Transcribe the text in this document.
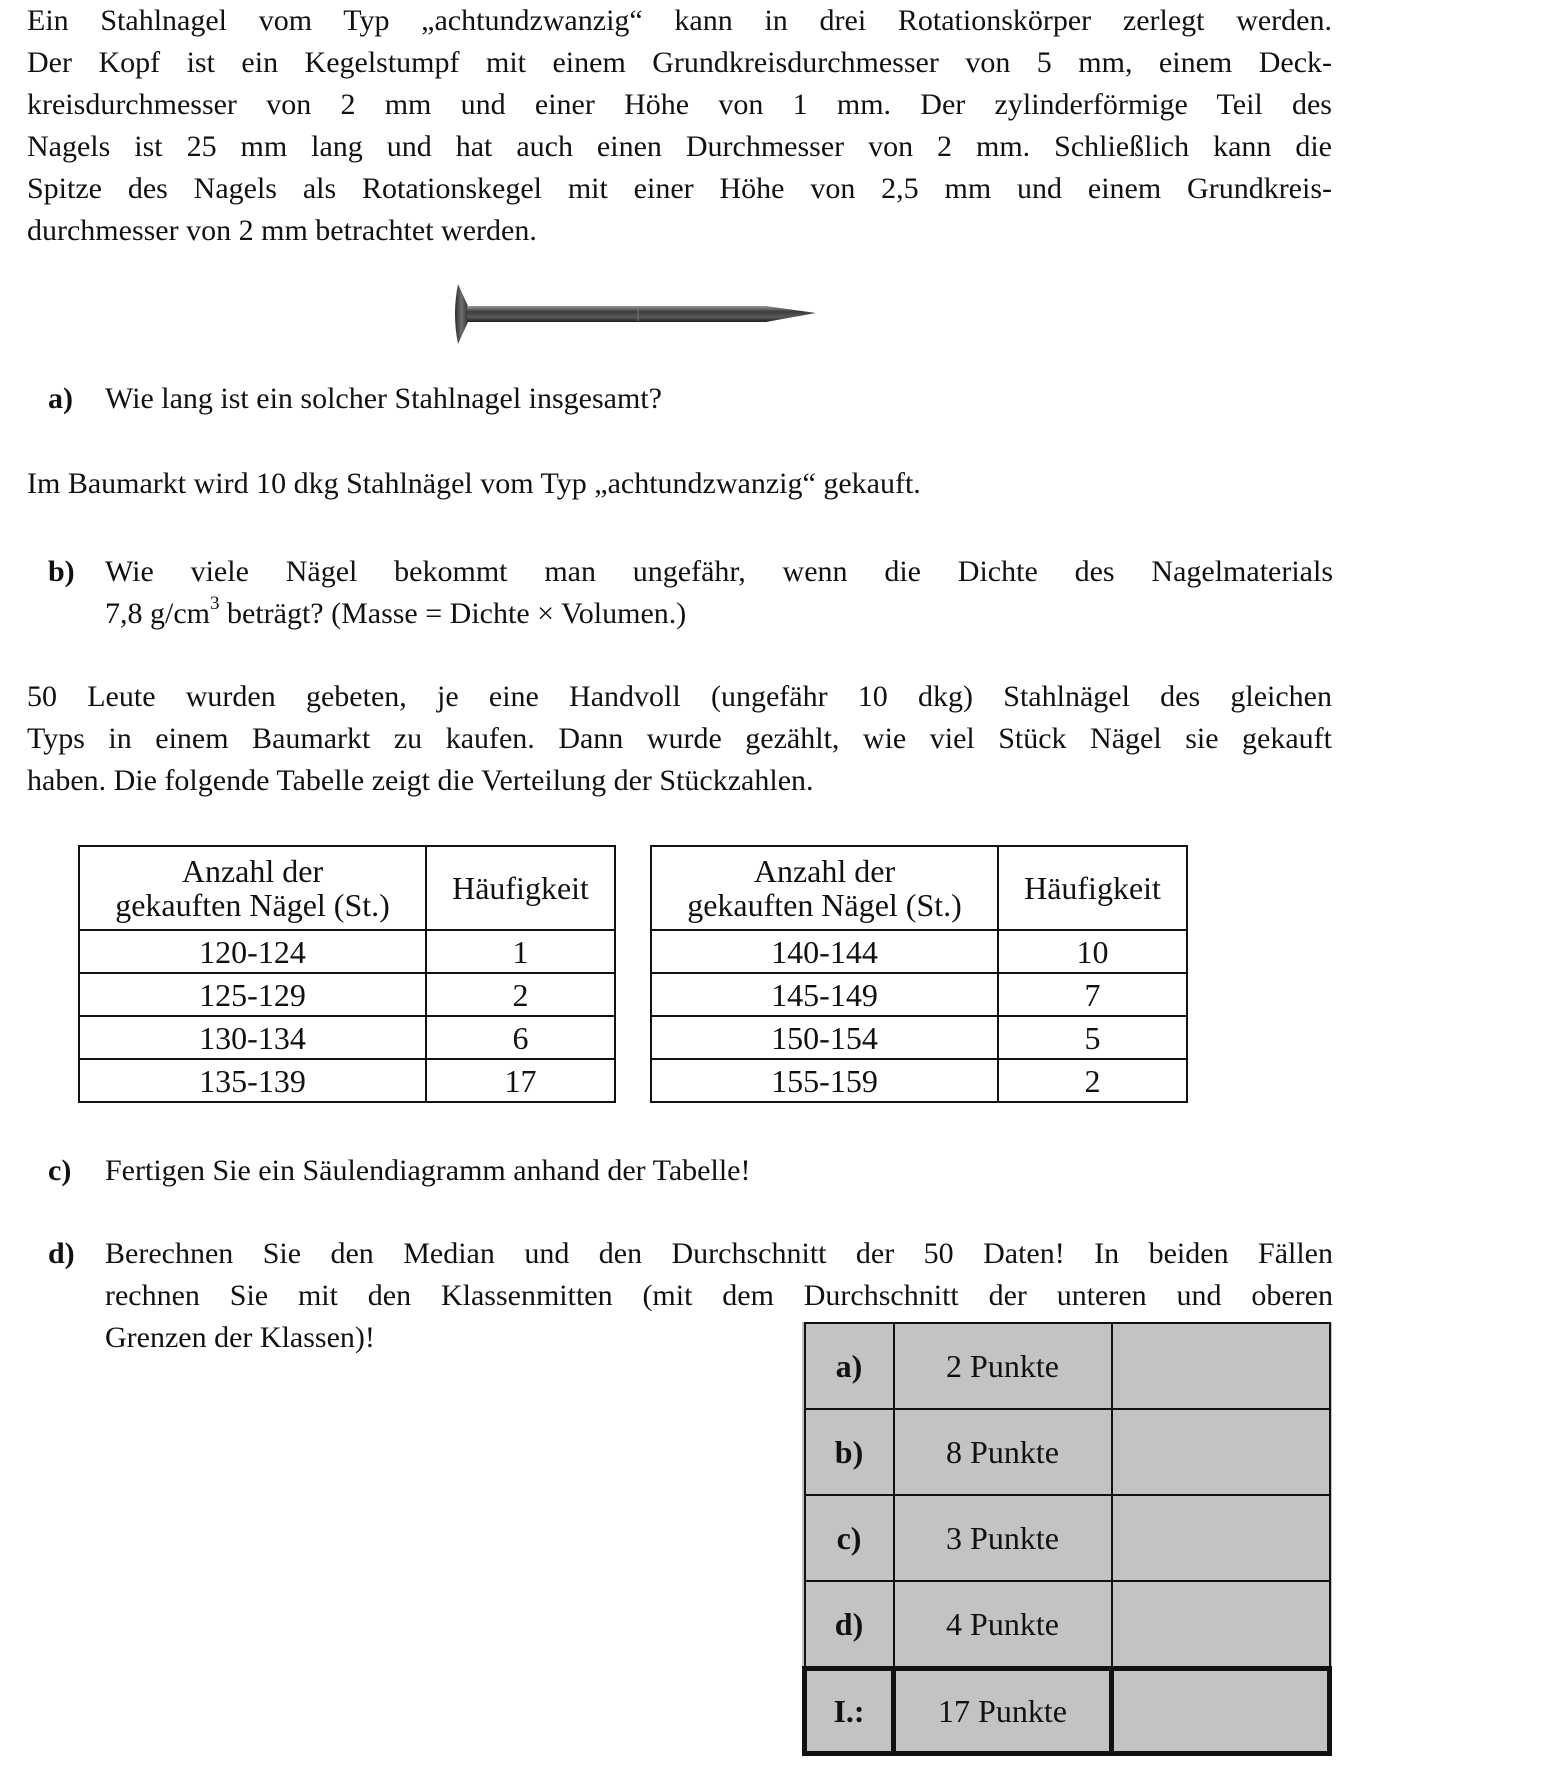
Ein Stahlnagel vom Typ „achtundzwanzig“ kann in drei Rotationskörper zerlegt werden.
Der Kopf ist ein Kegelstumpf mit einem Grundkreisdurchmesser von 5 mm, einem Deck-
kreisdurchmesser von 2 mm und einer Höhe von 1 mm. Der zylinderförmige Teil des
Nagels ist 25 mm lang und hat auch einen Durchmesser von 2 mm. Schließlich kann die
Spitze des Nagels als Rotationskegel mit einer Höhe von 2,5 mm und einem Grundkreis-
durchmesser von 2 mm betrachtet werden.
a) Wie lang ist ein solcher Stahlnagel insgesamt?
Im Baumarkt wird 10 dkg Stahlnägel vom Typ „achtundzwanzig“ gekauft.
b) Wie viele Nägel bekommt man ungefähr, wenn die Dichte des Nagelmaterials
7,8 $g/cm^3$ beträgt? (Masse = Dichte × Volumen.)
50 Leute wurden gebeten, je eine Handvoll (ungefähr 10 dkg) Stahlnägel des gleichen
Typs in einem Baumarkt zu kaufen. Dann wurde gezählt, wie viel Stück Nägel sie gekauft
haben. Die folgende Tabelle zeigt die Verteilung der Stückzahlen.
Anzahl der
gekauften Nägel (St.)	Häufigkeit
120-124	1
125-129	2
130-134	6
135-139	17
Anzahl der
gekauften Nägel (St.)	Häufigkeit
140-144	10
145-149	7
150-154	5
155-159	2
c) Fertigen Sie ein Säulendiagramm anhand der Tabelle!
d) Berechnen Sie den Median und den Durchschnitt der 50 Daten! In beiden Fällen
rechnen Sie mit den Klassenmitten (mit dem Durchschnitt der unteren und oberen
Grenzen der Klassen)!
a)	2 Punkte	
b)	8 Punkte	
c)	3 Punkte	
d)	4 Punkte	
I.:	17 Punkte	
